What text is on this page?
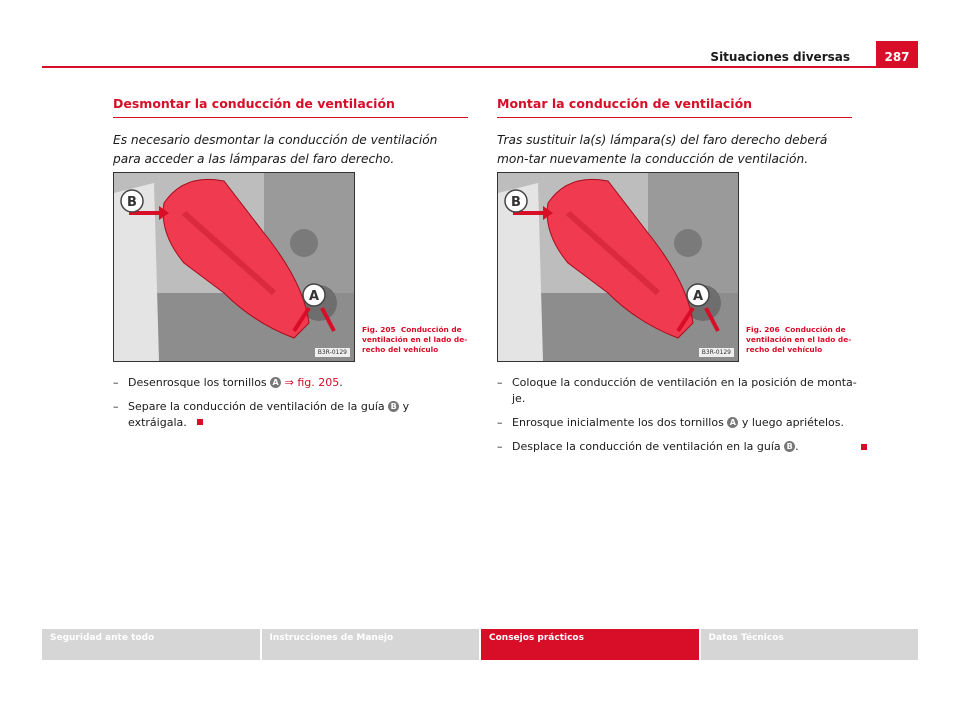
Situaciones diversas	287
Desmontar la conducción de ventilación
Es necesario desmontar la conducción de ventilación para acceder a las lámparas del faro derecho.
B
A
B3R-0129
Fig. 205 Conducción de ventilación en el lado de-recho del vehículo
– Desenrosque los tornillos A ⇒ fig. 205.
– Separe la conducción de ventilación de la guía B y extráigala.
Montar la conducción de ventilación
Tras sustituir la(s) lámpara(s) del faro derecho deberá mon-tar nuevamente la conducción de ventilación.
B
A
B3R-0129
Fig. 206 Conducción de ventilación en el lado de-recho del vehículo
– Coloque la conducción de ventilación en la posición de monta-je.
– Enrosque inicialmente los dos tornillos A y luego apriételos.
– Desplace la conducción de ventilación en la guía B .
Seguridad ante todo	Instrucciones de Manejo	Consejos prácticos	Datos Técnicos
